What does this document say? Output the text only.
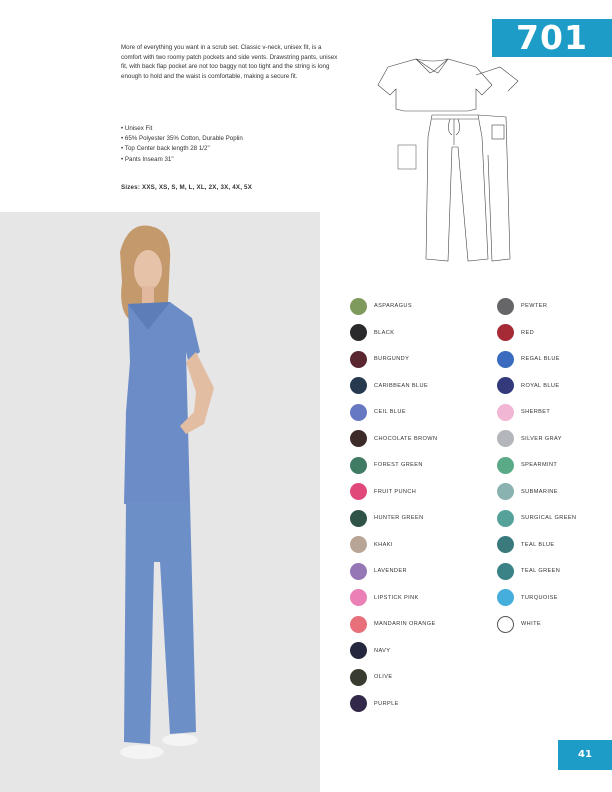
701
More of everything you want in a scrub set. Classic v-neck, unisex fit, is a comfort with two roomy patch pockets and side vents. Drawstring pants, unisex fit, with back flap pocket are not too baggy not too tight and the string is long enough to hold and the waist is comfortable, making a secure fit.
• Unisex Fit
• 65% Polyester 35% Cotton, Durable Poplin
• Top Center back length 28 1/2"
• Pants Inseam 31"
Sizes: XXS, XS, S, M, L, XL, 2X, 3X, 4X, 5X
ASPARAGUS
BLACK
BURGUNDY
CARIBBEAN BLUE
CEIL BLUE
CHOCOLATE BROWN
FOREST GREEN
FRUIT PUNCH
HUNTER GREEN
KHAKI
LAVENDER
LIPSTICK PINK
MANDARIN ORANGE
NAVY
OLIVE
PURPLE
PEWTER
RED
REGAL BLUE
ROYAL BLUE
SHERBET
SILVER GRAY
SPEARMINT
SUBMARINE
SURGICAL GREEN
TEAL BLUE
TEAL GREEN
TURQUOISE
WHITE
41
